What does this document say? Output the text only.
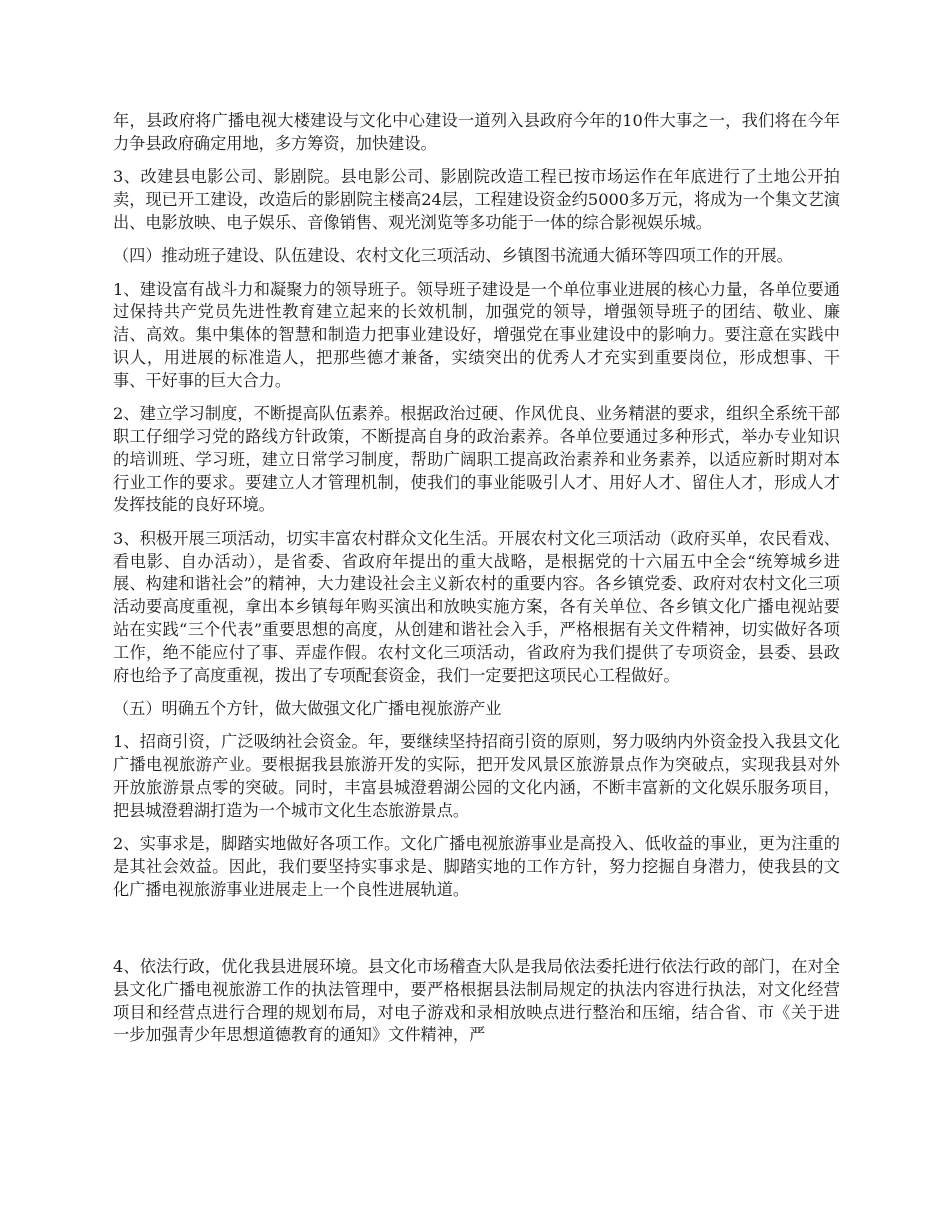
年，县政府将广播电视大楼建设与文化中心建设一道列入县政府今年的10件大事之一，我们将在今年力争县政府确定用地，多方筹资，加快建设。

3、改建县电影公司、影剧院。县电影公司、影剧院改造工程已按市场运作在年底进行了土地公开拍卖，现已开工建设，改造后的影剧院主楼高24层，工程建设资金约5000多万元，将成为一个集文艺演出、电影放映、电子娱乐、音像销售、观光浏览等多功能于一体的综合影视娱乐城。

（四）推动班子建设、队伍建设、农村文化三项活动、乡镇图书流通大循环等四项工作的开展。

1、建设富有战斗力和凝聚力的领导班子。领导班子建设是一个单位事业进展的核心力量，各单位要通过保持共产党员先进性教育建立起来的长效机制，加强党的领导，增强领导班子的团结、敬业、廉洁、高效。集中集体的智慧和制造力把事业建设好，增强党在事业建设中的影响力。要注意在实践中识人，用进展的标准造人，把那些德才兼备，实绩突出的优秀人才充实到重要岗位，形成想事、干事、干好事的巨大合力。

2、建立学习制度，不断提高队伍素养。根据政治过硬、作风优良、业务精湛的要求，组织全系统干部职工仔细学习党的路线方针政策，不断提高自身的政治素养。各单位要通过多种形式，举办专业知识的培训班、学习班，建立日常学习制度，帮助广阔职工提高政治素养和业务素养，以适应新时期对本行业工作的要求。要建立人才管理机制，使我们的事业能吸引人才、用好人才、留住人才，形成人才发挥技能的良好环境。

3、积极开展三项活动，切实丰富农村群众文化生活。开展农村文化三项活动（政府买单，农民看戏、看电影、自办活动），是省委、省政府年提出的重大战略，是根据党的十六届五中全会“统筹城乡进展、构建和谐社会”的精神，大力建设社会主义新农村的重要内容。各乡镇党委、政府对农村文化三项活动要高度重视，拿出本乡镇每年购买演出和放映实施方案，各有关单位、各乡镇文化广播电视站要站在实践“三个代表”重要思想的高度，从创建和谐社会入手，严格根据有关文件精神，切实做好各项工作，绝不能应付了事、弄虚作假。农村文化三项活动，省政府为我们提供了专项资金，县委、县政府也给予了高度重视，拨出了专项配套资金，我们一定要把这项民心工程做好。

（五）明确五个方针，做大做强文化广播电视旅游产业

1、招商引资，广泛吸纳社会资金。年，要继续坚持招商引资的原则，努力吸纳内外资金投入我县文化广播电视旅游产业。要根据我县旅游开发的实际，把开发风景区旅游景点作为突破点，实现我县对外开放旅游景点零的突破。同时，丰富县城澄碧湖公园的文化内涵，不断丰富新的文化娱乐服务项目，把县城澄碧湖打造为一个城市文化生态旅游景点。

2、实事求是，脚踏实地做好各项工作。文化广播电视旅游事业是高投入、低收益的事业，更为注重的是其社会效益。因此，我们要坚持实事求是、脚踏实地的工作方针，努力挖掘自身潜力，使我县的文化广播电视旅游事业进展走上一个良性进展轨道。

4、依法行政，优化我县进展环境。县文化市场稽查大队是我局依法委托进行依法行政的部门，在对全县文化广播电视旅游工作的执法管理中，要严格根据县法制局规定的执法内容进行执法，对文化经营项目和经营点进行合理的规划布局，对电子游戏和录相放映点进行整治和压缩，结合省、市《关于进一步加强青少年思想道德教育的通知》文件精神，严
